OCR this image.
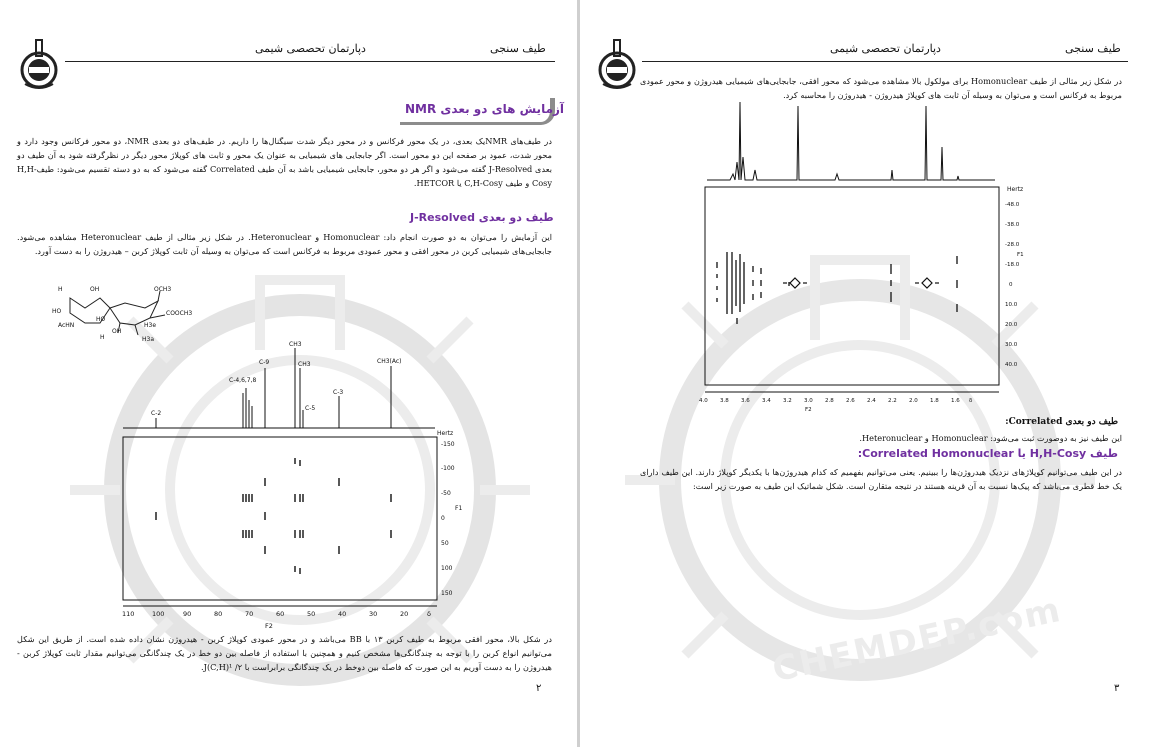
طیف سنجی
دپارتمان تحصصی شیمی
آزمایش های دو بعدی NMR
در طیف‌های NMRیک بعدی، در یک محور فرکانس و در محور دیگر شدت سیگنال‌ها را داریم. در طیف‌های دو بعدی NMR، دو محور فرکانس وجود دارد و محور شدت، عمود بر صفحه این دو محور است. اگر جابجایی های شیمیایی به عنوان یک محور و ثابت های کوپلاژ محور دیگر در نظرگرفته شود به آن طیف دو بعدی J-Resolved گفته می‌شود و اگر هر دو محور، جابجایی شیمیایی باشد به آن طیف Correlated گفته می‌شود که به دو دسته تقسیم می‌شود: طیفH,H-Cosy و طیف C,H-Cosy یا HETCOR.
طیف دو بعدی J-Resolved
این آزمایش را می‌توان به دو صورت انجام داد: Homonuclear و Heteronuclear. در شکل زیر مثالی از طیف Heteronuclear مشاهده می‌شود. جابجایی‌های شیمیایی کربن در محور افقی و محور عمودی مربوط به فرکانس است که می‌توان به وسیله آن ثابت کوپلاژ کربن – هیدروژن را به دست آورد.
H	OH	OCH3
HO	COOCH3
AcHN	H3e
H3a
OH
HO
H
C-2
C-4,6,7,8
C-9
CH3
CH3
C-5
C-3
CH3(Ac)
Hertz
-150
-100
-50
0
50
100
150
F1
110	100	90	80	70	60	50	40	30	20	δ
F2
در شکل بالا، محور افقی مربوط به طیف کربن ۱۳ با BB می‌باشد و در محور عمودی کوپلاژ کربن - هیدروژن نشان داده شده است. از طریق این شکل می‌توانیم انواع کربن را با توجه به چندگانگی‌ها مشخص کنیم و همچنین با استفاده از فاصله بین دو خط در یک چندگانگی می‌توانیم مقدار ثابت کوپلاژ کربن - هیدروژن را به دست آوریم به این صورت که فاصله بین دوخط در یک چندگانگی برابراست با ۲/ J(C,H)¹.
۲	CHEMDEP.com
طیف سنجی
دپارتمان تحصصی شیمی
در شکل زیر مثالی از طیف Homonuclear برای مولکول بالا مشاهده می‌شود که محور افقی، جابجایی‌های شیمیایی هیدروژن و محور عمودی مربوط به فرکانس است و می‌توان به وسیله آن ثابت های کوپلاژ هیدروژن - هیدروژن را محاسبه کرد.
Hertz
-48.0
-38.0
-28.0
-18.0
0
10.0
20.0
30.0
40.0
F1
4.0 3.8 3.6 3.4 3.2 3.0 2.8 2.6 2.4 2.2 2.0 1.8 1.6 δ
F2
طیف دو بعدی Correlated:
این طیف نیز به دوصورت ثبت می‌شود: Homonuclear و Heteronuclear.
طیف H,H-Cosy یا Correlated Homonuclear:
در این طیف می‌توانیم کوپلاژهای نزدیک هیدروژن‌ها را ببینیم. یعنی می‌توانیم بفهمیم که کدام هیدروژن‌ها با یکدیگر کوپلاژ دارند. این طیف دارای یک خط قطری می‌باشد که پیک‌ها نسبت به آن قرینه هستند در نتیجه متقارن است. شکل شماتیک این طیف به صورت زیر است:
۳
